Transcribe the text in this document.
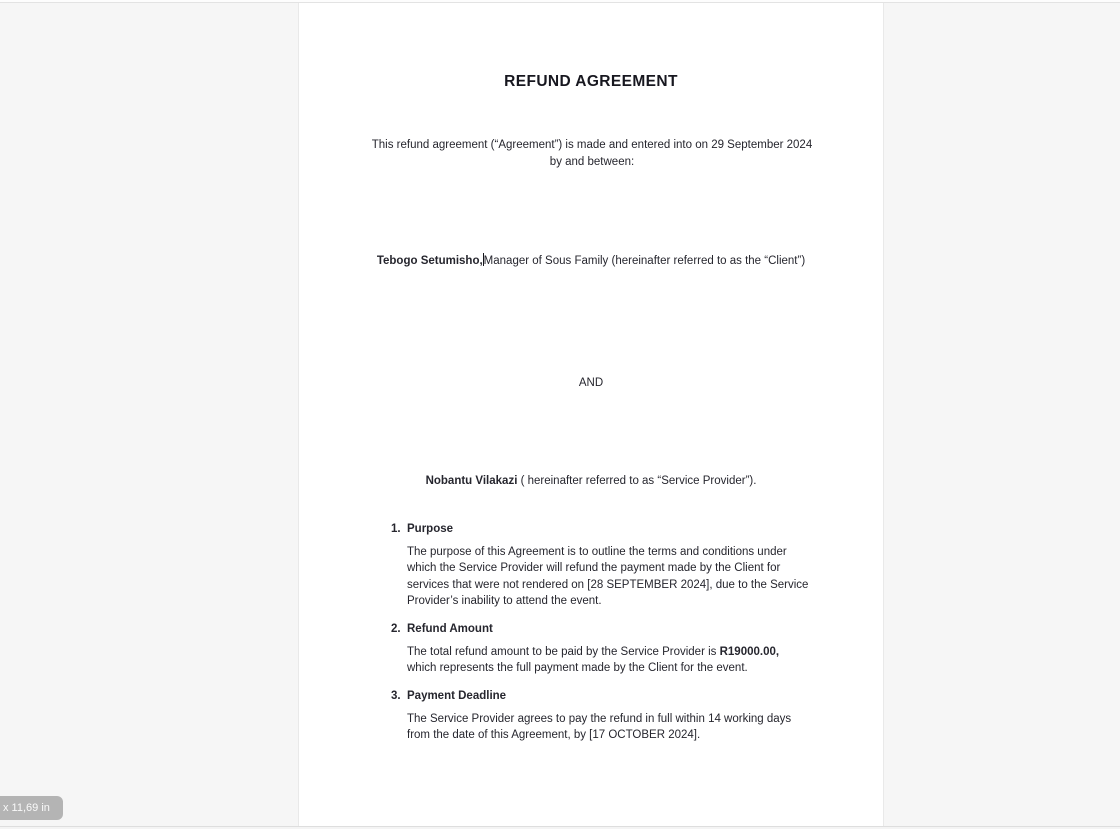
REFUND AGREEMENT

This refund agreement (“Agreement”) is made and entered into on 29 September 2024 by and between:

Tebogo Setumisho,Manager of Sous Family (hereinafter referred to as the “Client”)

AND

Nobantu Vilakazi ( hereinafter referred to as “Service Provider”).

1. Purpose

The purpose of this Agreement is to outline the terms and conditions under which the Service Provider will refund the payment made by the Client for services that were not rendered on [28 SEPTEMBER 2024], due to the Service Provider’s inability to attend the event.

2. Refund Amount

The total refund amount to be paid by the Service Provider is R19000.00, which represents the full payment made by the Client for the event.

3. Payment Deadline

The Service Provider agrees to pay the refund in full within 14 working days from the date of this Agreement, by [17 OCTOBER 2024].

x 11,69 in
